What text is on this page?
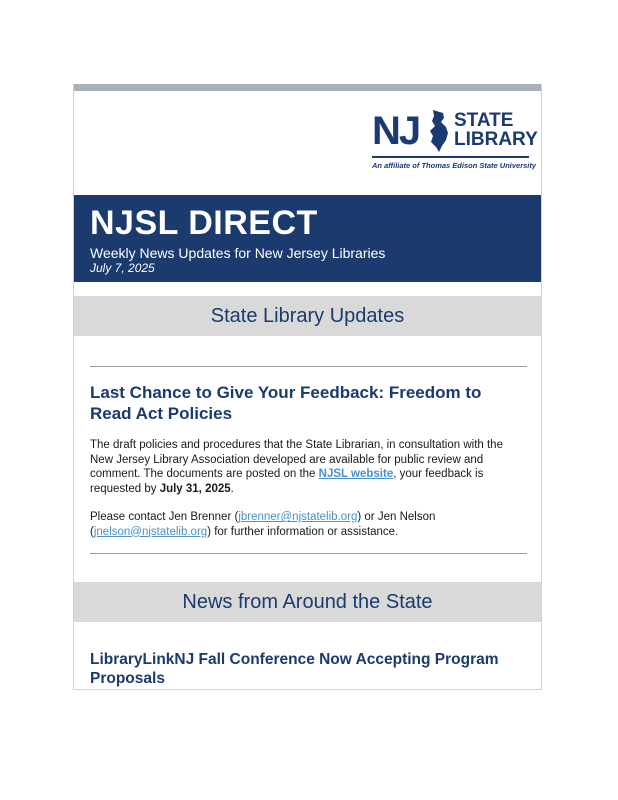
NJ STATE
LIBRARY
An affiliate of Thomas Edison State University
NJSL DIRECT
Weekly News Updates for New Jersey Libraries
July 7, 2025
State Library Updates
Last Chance to Give Your Feedback: Freedom to Read Act Policies

The draft policies and procedures that the State Librarian, in consultation with the New Jersey Library Association developed are available for public review and comment. The documents are posted on the NJSL website, your feedback is requested by July 31, 2025.

Please contact Jen Brenner (jbrenner@njstatelib.org) or Jen Nelson (jnelson@njstatelib.org) for further information or assistance.

News from Around the State
LibraryLinkNJ Fall Conference Now Accepting Program Proposals
